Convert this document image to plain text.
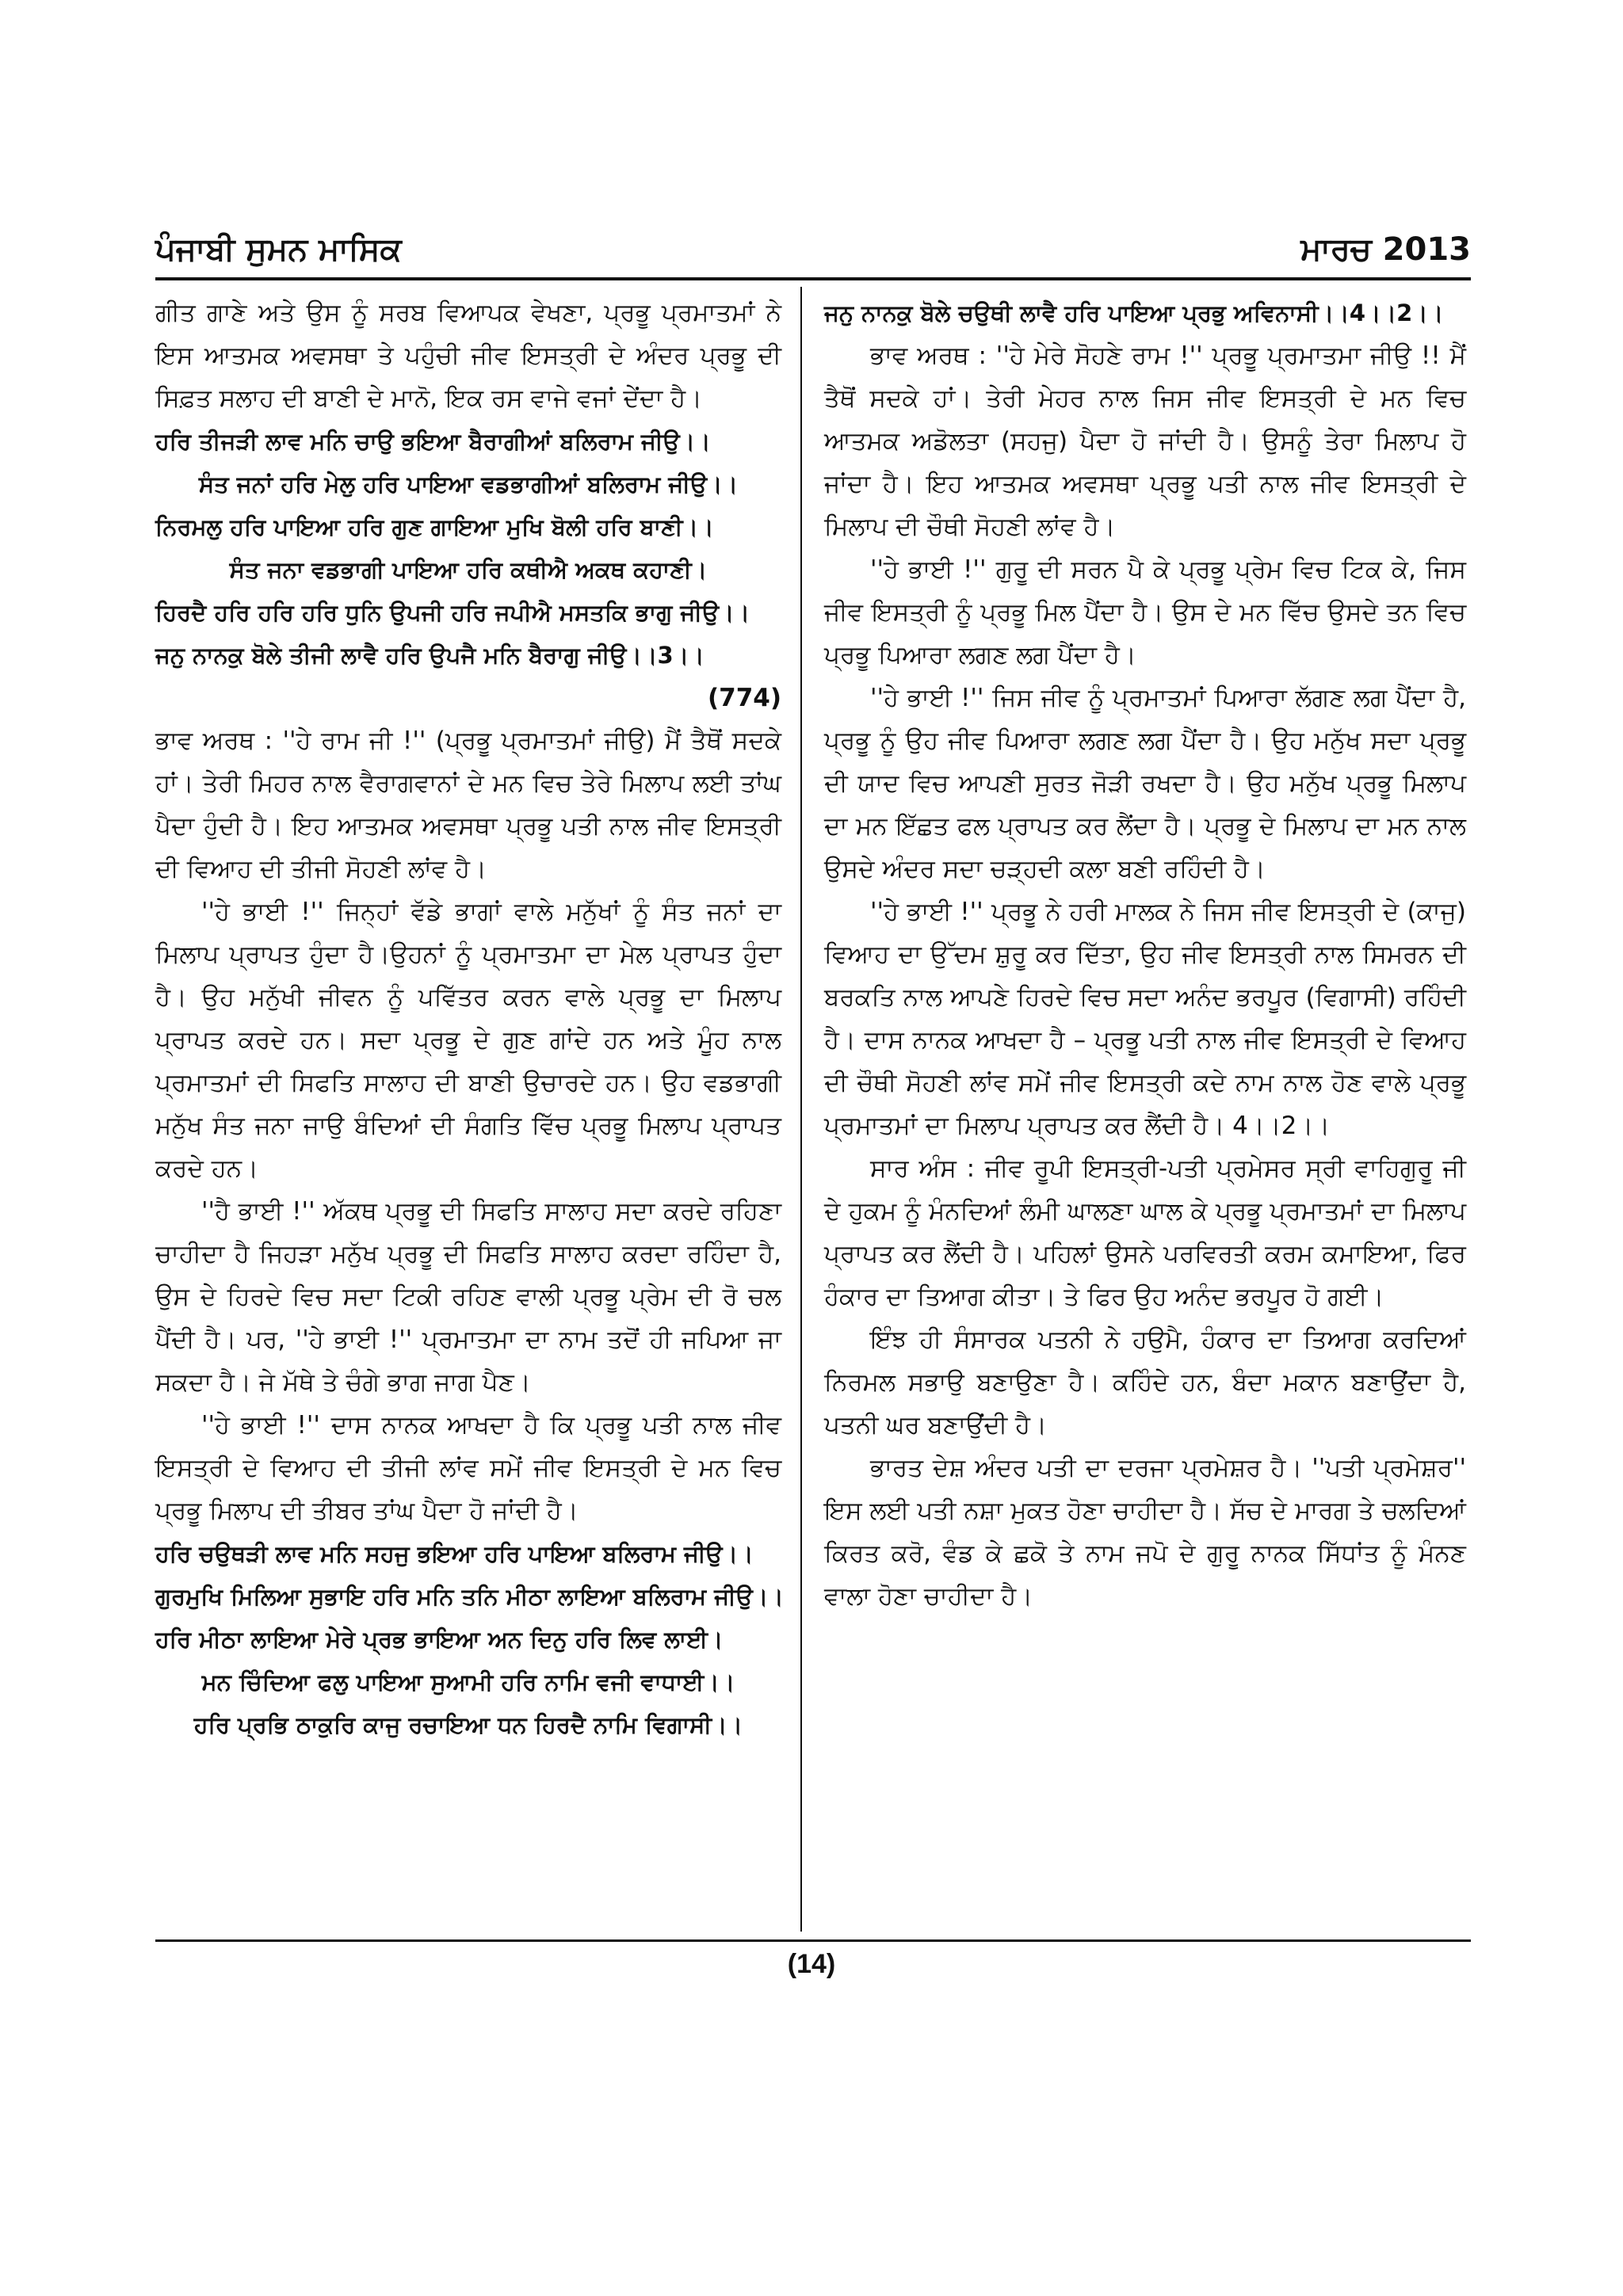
ਪੰਜਾਬੀ ਸੁਮਨ ਮਾਸਿਕ	ਮਾਰਚ 2013

ਗੀਤ ਗਾਣੇ ਅਤੇ ਉਸ ਨੂੰ ਸਰਬ ਵਿਆਪਕ ਵੇਖਣਾ, ਪ੍ਰਭੂ ਪ੍ਰਮਾਤਮਾਂ ਨੇ ਇਸ ਆਤਮਕ ਅਵਸਥਾ ਤੇ ਪਹੁੰਚੀ ਜੀਵ ਇਸਤ੍ਰੀ ਦੇ ਅੰਦਰ ਪ੍ਰਭੂ ਦੀ ਸਿਫ਼ਤ ਸਲਾਹ ਦੀ ਬਾਣੀ ਦੇ ਮਾਨੋ, ਇਕ ਰਸ ਵਾਜੇ ਵਜਾਂ ਦੇਂਦਾ ਹੈ।

ਹਰਿ ਤੀਜੜੀ ਲਾਵ ਮਨਿ ਚਾਉ ਭਇਆ ਬੈਰਾਗੀਆਂ ਬਲਿਰਾਮ ਜੀਉ।।

ਸੰਤ ਜਨਾਂ ਹਰਿ ਮੇਲੁ ਹਰਿ ਪਾਇਆ ਵਡਭਾਗੀਆਂ ਬਲਿਰਾਮ ਜੀਉ।।

ਨਿਰਮਲੁ ਹਰਿ ਪਾਇਆ ਹਰਿ ਗੁਣ ਗਾਇਆ ਮੁਖਿ ਬੋਲੀ ਹਰਿ ਬਾਣੀ।।

ਸੰਤ ਜਨਾ ਵਡਭਾਗੀ ਪਾਇਆ ਹਰਿ ਕਥੀਐ ਅਕਥ ਕਹਾਣੀ।

ਹਿਰਦੈ ਹਰਿ ਹਰਿ ਹਰਿ ਧੁਨਿ ਉਪਜੀ ਹਰਿ ਜਪੀਐ ਮਸਤਕਿ ਭਾਗੁ ਜੀਉ।।

ਜਨੁ ਨਾਨਕੁ ਬੋਲੇ ਤੀਜੀ ਲਾਵੈ ਹਰਿ ਉਪਜੈ ਮਨਿ ਬੈਰਾਗੁ ਜੀਉ।।3।।

(774)

ਭਾਵ ਅਰਥ : ''ਹੇ ਰਾਮ ਜੀ !'' (ਪ੍ਰਭੂ ਪ੍ਰਮਾਤਮਾਂ ਜੀਉ) ਮੈਂ ਤੈਥੋਂ ਸਦਕੇ ਹਾਂ। ਤੇਰੀ ਮਿਹਰ ਨਾਲ ਵੈਰਾਗਵਾਨਾਂ ਦੇ ਮਨ ਵਿਚ ਤੇਰੇ ਮਿਲਾਪ ਲਈ ਤਾਂਘ ਪੈਦਾ ਹੁੰਦੀ ਹੈ। ਇਹ ਆਤਮਕ ਅਵਸਥਾ ਪ੍ਰਭੂ ਪਤੀ ਨਾਲ ਜੀਵ ਇਸਤ੍ਰੀ ਦੀ ਵਿਆਹ ਦੀ ਤੀਜੀ ਸੋਹਣੀ ਲਾਂਵ ਹੈ।

''ਹੇ ਭਾਈ !'' ਜਿਨ੍ਹਾਂ ਵੱਡੇ ਭਾਗਾਂ ਵਾਲੇ ਮਨੁੱਖਾਂ ਨੂੰ ਸੰਤ ਜਨਾਂ ਦਾ ਮਿਲਾਪ ਪ੍ਰਾਪਤ ਹੁੰਦਾ ਹੈ।ਉਹਨਾਂ ਨੂੰ ਪ੍ਰਮਾਤਮਾ ਦਾ ਮੇਲ ਪ੍ਰਾਪਤ ਹੁੰਦਾ ਹੈ। ਉਹ ਮਨੁੱਖੀ ਜੀਵਨ ਨੂੰ ਪਵਿੱਤਰ ਕਰਨ ਵਾਲੇ ਪ੍ਰਭੂ ਦਾ ਮਿਲਾਪ ਪ੍ਰਾਪਤ ਕਰਦੇ ਹਨ। ਸਦਾ ਪ੍ਰਭੂ ਦੇ ਗੁਣ ਗਾਂਦੇ ਹਨ ਅਤੇ ਮੂੰਹ ਨਾਲ ਪ੍ਰਮਾਤਮਾਂ ਦੀ ਸਿਫਤਿ ਸਾਲਾਹ ਦੀ ਬਾਣੀ ਉਚਾਰਦੇ ਹਨ। ਉਹ ਵਡਭਾਗੀ ਮਨੁੱਖ ਸੰਤ ਜਨਾ ਜਾਉ ਬੰਦਿਆਂ ਦੀ ਸੰਗਤਿ ਵਿੱਚ ਪ੍ਰਭੂ ਮਿਲਾਪ ਪ੍ਰਾਪਤ ਕਰਦੇ ਹਨ।

''ਹੈ ਭਾਈ !'' ਅੱਕਥ ਪ੍ਰਭੂ ਦੀ ਸਿਫਤਿ ਸਾਲਾਹ ਸਦਾ ਕਰਦੇ ਰਹਿਣਾ ਚਾਹੀਦਾ ਹੈ ਜਿਹੜਾ ਮਨੁੱਖ ਪ੍ਰਭੂ ਦੀ ਸਿਫਤਿ ਸਾਲਾਹ ਕਰਦਾ ਰਹਿੰਦਾ ਹੈ, ਉਸ ਦੇ ਹਿਰਦੇ ਵਿਚ ਸਦਾ ਟਿਕੀ ਰਹਿਣ ਵਾਲੀ ਪ੍ਰਭੂ ਪ੍ਰੇਮ ਦੀ ਰੋ ਚਲ ਪੈਂਦੀ ਹੈ। ਪਰ, ''ਹੇ ਭਾਈ !'' ਪ੍ਰਮਾਤਮਾ ਦਾ ਨਾਮ ਤਦੋਂ ਹੀ ਜਪਿਆ ਜਾ ਸਕਦਾ ਹੈ। ਜੇ ਮੱਥੇ ਤੇ ਚੰਗੇ ਭਾਗ ਜਾਗ ਪੈਣ।

''ਹੇ ਭਾਈ !'' ਦਾਸ ਨਾਨਕ ਆਖਦਾ ਹੈ ਕਿ ਪ੍ਰਭੂ ਪਤੀ ਨਾਲ ਜੀਵ ਇਸਤ੍ਰੀ ਦੇ ਵਿਆਹ ਦੀ ਤੀਜੀ ਲਾਂਵ ਸਮੇਂ ਜੀਵ ਇਸਤ੍ਰੀ ਦੇ ਮਨ ਵਿਚ ਪ੍ਰਭੂ ਮਿਲਾਪ ਦੀ ਤੀਬਰ ਤਾਂਘ ਪੈਦਾ ਹੋ ਜਾਂਦੀ ਹੈ।

ਹਰਿ ਚਉਥੜੀ ਲਾਵ ਮਨਿ ਸਹਜੁ ਭਇਆ ਹਰਿ ਪਾਇਆ ਬਲਿਰਾਮ ਜੀਉ।।

ਗੁਰਮੁਖਿ ਮਿਲਿਆ ਸੁਭਾਇ ਹਰਿ ਮਨਿ ਤਨਿ ਮੀਠਾ ਲਾਇਆ ਬਲਿਰਾਮ ਜੀਉ।।

ਹਰਿ ਮੀਠਾ ਲਾਇਆ ਮੇਰੇ ਪ੍ਰਭ ਭਾਇਆ ਅਨ ਦਿਨੁ ਹਰਿ ਲਿਵ ਲਾਈ।

ਮਨ ਚਿੰਦਿਆ ਫਲੁ ਪਾਇਆ ਸੁਆਮੀ ਹਰਿ ਨਾਮਿ ਵਜੀ ਵਾਧਾਈ।।

ਹਰਿ ਪ੍ਰਭਿ ਠਾਕੁਰਿ ਕਾਜੁ ਰਚਾਇਆ ਧਨ ਹਿਰਦੈ ਨਾਮਿ ਵਿਗਾਸੀ।।

ਜਨੁ ਨਾਨਕੁ ਬੋਲੇ ਚਉਥੀ ਲਾਵੈ ਹਰਿ ਪਾਇਆ ਪ੍ਰਭੁ ਅਵਿਨਾਸੀ।।4।।2।।

ਭਾਵ ਅਰਥ : ''ਹੇ ਮੇਰੇ ਸੋਹਣੇ ਰਾਮ !'' ਪ੍ਰਭੂ ਪ੍ਰਮਾਤਮਾ ਜੀਉ !! ਮੈਂ ਤੈਥੋਂ ਸਦਕੇ ਹਾਂ। ਤੇਰੀ ਮੇਹਰ ਨਾਲ ਜਿਸ ਜੀਵ ਇਸਤ੍ਰੀ ਦੇ ਮਨ ਵਿਚ ਆਤਮਕ ਅਡੋਲਤਾ (ਸਹਜੁ) ਪੈਦਾ ਹੋ ਜਾਂਦੀ ਹੈ। ਉਸਨੂੰ ਤੇਰਾ ਮਿਲਾਪ ਹੋ ਜਾਂਦਾ ਹੈ। ਇਹ ਆਤਮਕ ਅਵਸਥਾ ਪ੍ਰਭੂ ਪਤੀ ਨਾਲ ਜੀਵ ਇਸਤ੍ਰੀ ਦੇ ਮਿਲਾਪ ਦੀ ਚੌਥੀ ਸੋਹਣੀ ਲਾਂਵ ਹੈ।

''ਹੇ ਭਾਈ !'' ਗੁਰੂ ਦੀ ਸਰਨ ਪੈ ਕੇ ਪ੍ਰਭੂ ਪ੍ਰੇਮ ਵਿਚ ਟਿਕ ਕੇ, ਜਿਸ ਜੀਵ ਇਸਤ੍ਰੀ ਨੂੰ ਪ੍ਰਭੂ ਮਿਲ ਪੈਂਦਾ ਹੈ। ਉਸ ਦੇ ਮਨ ਵਿੱਚ ਉਸਦੇ ਤਨ ਵਿਚ ਪ੍ਰਭੂ ਪਿਆਰਾ ਲਗਣ ਲਗ ਪੈਂਦਾ ਹੈ।

''ਹੇ ਭਾਈ !'' ਜਿਸ ਜੀਵ ਨੂੰ ਪ੍ਰਮਾਤਮਾਂ ਪਿਆਰਾ ਲੱਗਣ ਲਗ ਪੈਂਦਾ ਹੈ, ਪ੍ਰਭੂ ਨੂੰ ਉਹ ਜੀਵ ਪਿਆਰਾ ਲਗਣ ਲਗ ਪੈਂਦਾ ਹੈ। ਉਹ ਮਨੁੱਖ ਸਦਾ ਪ੍ਰਭੂ ਦੀ ਯਾਦ ਵਿਚ ਆਪਣੀ ਸੁਰਤ ਜੋੜੀ ਰਖਦਾ ਹੈ। ਉਹ ਮਨੁੱਖ ਪ੍ਰਭੂ ਮਿਲਾਪ ਦਾ ਮਨ ਇੱਛਤ ਫਲ ਪ੍ਰਾਪਤ ਕਰ ਲੈਂਦਾ ਹੈ। ਪ੍ਰਭੂ ਦੇ ਮਿਲਾਪ ਦਾ ਮਨ ਨਾਲ ਉਸਦੇ ਅੰਦਰ ਸਦਾ ਚੜ੍ਹਦੀ ਕਲਾ ਬਣੀ ਰਹਿੰਦੀ ਹੈ।

''ਹੇ ਭਾਈ !'' ਪ੍ਰਭੂ ਨੇ ਹਰੀ ਮਾਲਕ ਨੇ ਜਿਸ ਜੀਵ ਇਸਤ੍ਰੀ ਦੇ (ਕਾਜੁ) ਵਿਆਹ ਦਾ ਉੱਦਮ ਸ਼ੁਰੂ ਕਰ ਦਿੱਤਾ, ਉਹ ਜੀਵ ਇਸਤ੍ਰੀ ਨਾਲ ਸਿਮਰਨ ਦੀ ਬਰਕਤਿ ਨਾਲ ਆਪਣੇ ਹਿਰਦੇ ਵਿਚ ਸਦਾ ਅਨੰਦ ਭਰਪੂਰ (ਵਿਗਾਸੀ) ਰਹਿੰਦੀ ਹੈ। ਦਾਸ ਨਾਨਕ ਆਖਦਾ ਹੈ – ਪ੍ਰਭੂ ਪਤੀ ਨਾਲ ਜੀਵ ਇਸਤ੍ਰੀ ਦੇ ਵਿਆਹ ਦੀ ਚੌਥੀ ਸੋਹਣੀ ਲਾਂਵ ਸਮੇਂ ਜੀਵ ਇਸਤ੍ਰੀ ਕਦੇ ਨਾਮ ਨਾਲ ਹੋਣ ਵਾਲੇ ਪ੍ਰਭੂ ਪ੍ਰਮਾਤਮਾਂ ਦਾ ਮਿਲਾਪ ਪ੍ਰਾਪਤ ਕਰ ਲੈਂਦੀ ਹੈ। 4।।2।।

ਸਾਰ ਅੰਸ : ਜੀਵ ਰੂਪੀ ਇਸਤ੍ਰੀ-ਪਤੀ ਪ੍ਰਮੇਸਰ ਸ੍ਰੀ ਵਾਹਿਗੁਰੂ ਜੀ ਦੇ ਹੁਕਮ ਨੂੰ ਮੰਨਦਿਆਂ ਲੰਮੀ ਘਾਲਣਾ ਘਾਲ ਕੇ ਪ੍ਰਭੂ ਪ੍ਰਮਾਤਮਾਂ ਦਾ ਮਿਲਾਪ ਪ੍ਰਾਪਤ ਕਰ ਲੈਂਦੀ ਹੈ। ਪਹਿਲਾਂ ਉਸਨੇ ਪਰਵਿਰਤੀ ਕਰਮ ਕਮਾਇਆ, ਫਿਰ ਹੰਕਾਰ ਦਾ ਤਿਆਗ ਕੀਤਾ। ਤੇ ਫਿਰ ਉਹ ਅਨੰਦ ਭਰਪੂਰ ਹੋ ਗਈ।

ਇੰਝ ਹੀ ਸੰਸਾਰਕ ਪਤਨੀ ਨੇ ਹਉਮੈ, ਹੰਕਾਰ ਦਾ ਤਿਆਗ ਕਰਦਿਆਂ ਨਿਰਮਲ ਸਭਾਉ ਬਣਾਉਣਾ ਹੈ। ਕਹਿੰਦੇ ਹਨ, ਬੰਦਾ ਮਕਾਨ ਬਣਾਉਂਦਾ ਹੈ, ਪਤਨੀ ਘਰ ਬਣਾਉਂਦੀ ਹੈ।

ਭਾਰਤ ਦੇਸ਼ ਅੰਦਰ ਪਤੀ ਦਾ ਦਰਜਾ ਪ੍ਰਮੇਸ਼ਰ ਹੈ। ''ਪਤੀ ਪ੍ਰਮੇਸ਼ਰ'' ਇਸ ਲਈ ਪਤੀ ਨਸ਼ਾ ਮੁਕਤ ਹੋਣਾ ਚਾਹੀਦਾ ਹੈ। ਸੱਚ ਦੇ ਮਾਰਗ ਤੇ ਚਲਦਿਆਂ ਕਿਰਤ ਕਰੋ, ਵੰਡ ਕੇ ਛਕੋ ਤੇ ਨਾਮ ਜਪੋ ਦੇ ਗੁਰੂ ਨਾਨਕ ਸਿੱਧਾਂਤ ਨੂੰ ਮੰਨਣ ਵਾਲਾ ਹੋਣਾ ਚਾਹੀਦਾ ਹੈ।

(14)
